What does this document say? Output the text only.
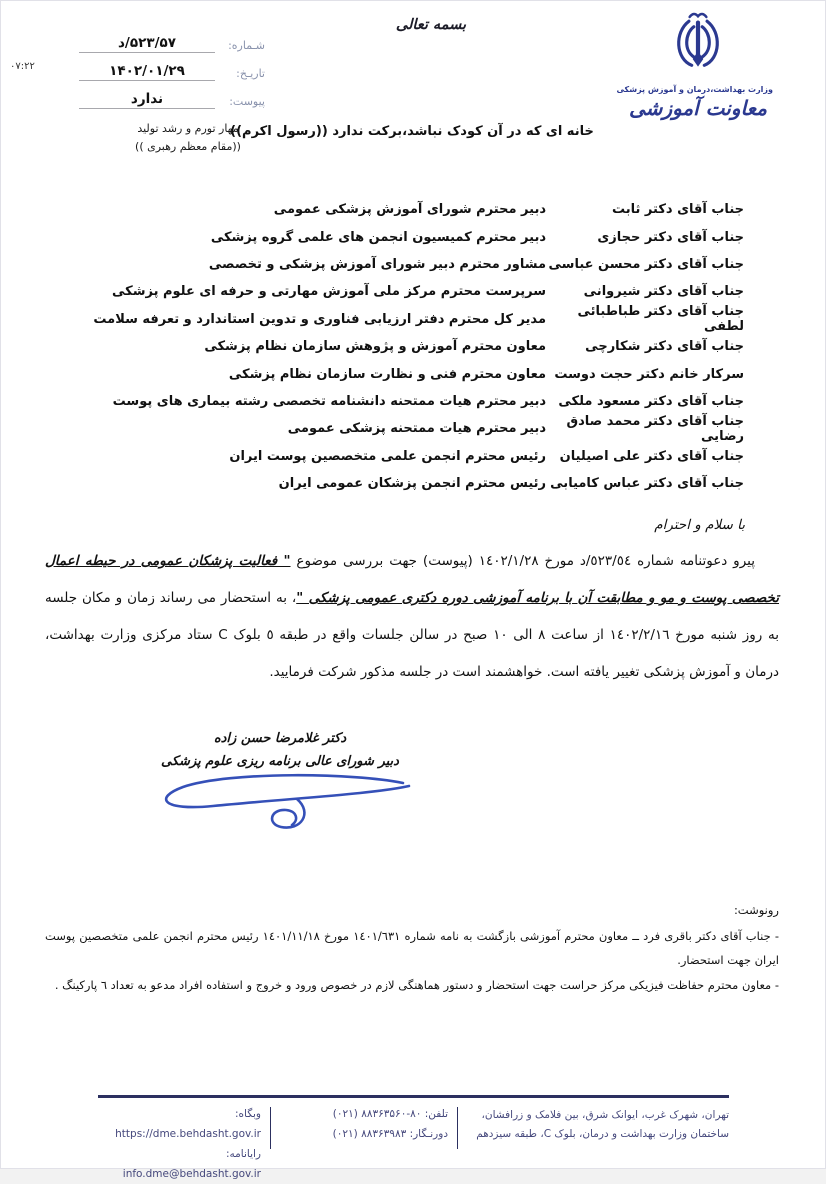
۰۷:۲۲
شـماره:
۵۲۳/۵۷/د
تاریـخ:
۱۴۰۲/۰۱/۲۹
پیوست:
ندارد
بسمه تعالی
مهار تورم و رشد تولید
((مقام معظم رهبری ))
خانه ای که در آن کودک نباشد،برکت ندارد ((رسول اکرم))
وزارت بهداشت،درمان و آموزش پزشکی
معاونت آموزشی
جناب آقای دکتر ثابت
دبیر محترم شورای آموزش پزشکی عمومی
جناب آقای دکتر حجازی
دبیر محترم کمیسیون انجمن های علمی گروه پزشکی
جناب آقای دکتر محسن عباسی
مشاور محترم دبیر شورای آموزش پزشکی و تخصصی
جناب آقای دکتر شیروانی
سرپرست محترم مرکز ملی آموزش مهارتی و حرفه ای علوم پزشکی
جناب آقای دکتر طباطبائی لطفی
مدیر کل محترم دفتر ارزیابی فناوری و تدوین استاندارد و تعرفه سلامت
جناب آقای دکتر شکارچی
معاون محترم آموزش و پژوهش سازمان نظام پزشکی
سرکار خانم دکتر حجت دوست
معاون محترم فنی و نظارت سازمان نظام پزشکی
جناب آقای دکتر مسعود ملکی
دبیر محترم هیات ممتحنه دانشنامه تخصصی رشته بیماری های پوست
جناب آقای دکتر محمد صادق رضایی
دبیر محترم هیات ممتحنه پزشکی عمومی
جناب آقای دکتر علی اصیلیان
رئیس محترم انجمن علمی متخصصین پوست ایران
جناب آقای دکتر عباس کامیابی
رئیس محترم انجمن پزشکان عمومی ایران
با سلام و احترام
پیرو دعوتنامه شماره ٥٢٣/٥٤/د مورخ ١٤٠٢/١/٢٨ (پیوست) جهت بررسی موضوع " فعالیت پزشکان عمومی در حیطه اعمال تخصصی پوست و مو و مطابقت آن با برنامه آموزشی دوره دکتری عمومی پزشکی "، به استحضار می رساند زمان و مکان جلسه به روز شنبه مورخ ١٤٠٢/٢/١٦ از ساعت ٨ الی ١٠ صبح در سالن جلسات واقع در طبقه ٥ بلوک C ستاد مرکزی وزارت بهداشت، درمان و آموزش پزشکی تغییر یافته است. خواهشمند است در جلسه مذکور شرکت فرمایید.
دکتر غلامرضا حسن زاده
دبیر شورای عالی برنامه ریزی علوم پزشکی
رونوشت:
- جناب آقای دکتر باقری فرد ــ معاون محترم آموزشی بازگشت به نامه شماره ١٤٠١/٦٣١ مورخ ١٤٠١/١١/١٨ رئیس محترم انجمن علمی متخصصین پوست ایران جهت استحضار.
- معاون محترم حفاظت فیزیکی مرکز حراست جهت استحضار و دستور هماهنگی لازم در خصوص ورود و خروج و استفاده افراد مدعو به تعداد ٦ پارکینگ .
تهران، شهرک غرب، ایوانک شرق، بین فلامک و زرافشان،
ساختمان وزارت بهداشت و درمان، بلوک C، طبقه سیزدهم
تلفن: (۰۲۱) ۸۸۳۶۳۵۶۰-۸۰
دورنـگار: (۰۲۱) ۸۸۳۶۳۹۸۳
وبگاه: https://dme.behdasht.gov.ir
رایانامه: info.dme@behdasht.gov.ir
